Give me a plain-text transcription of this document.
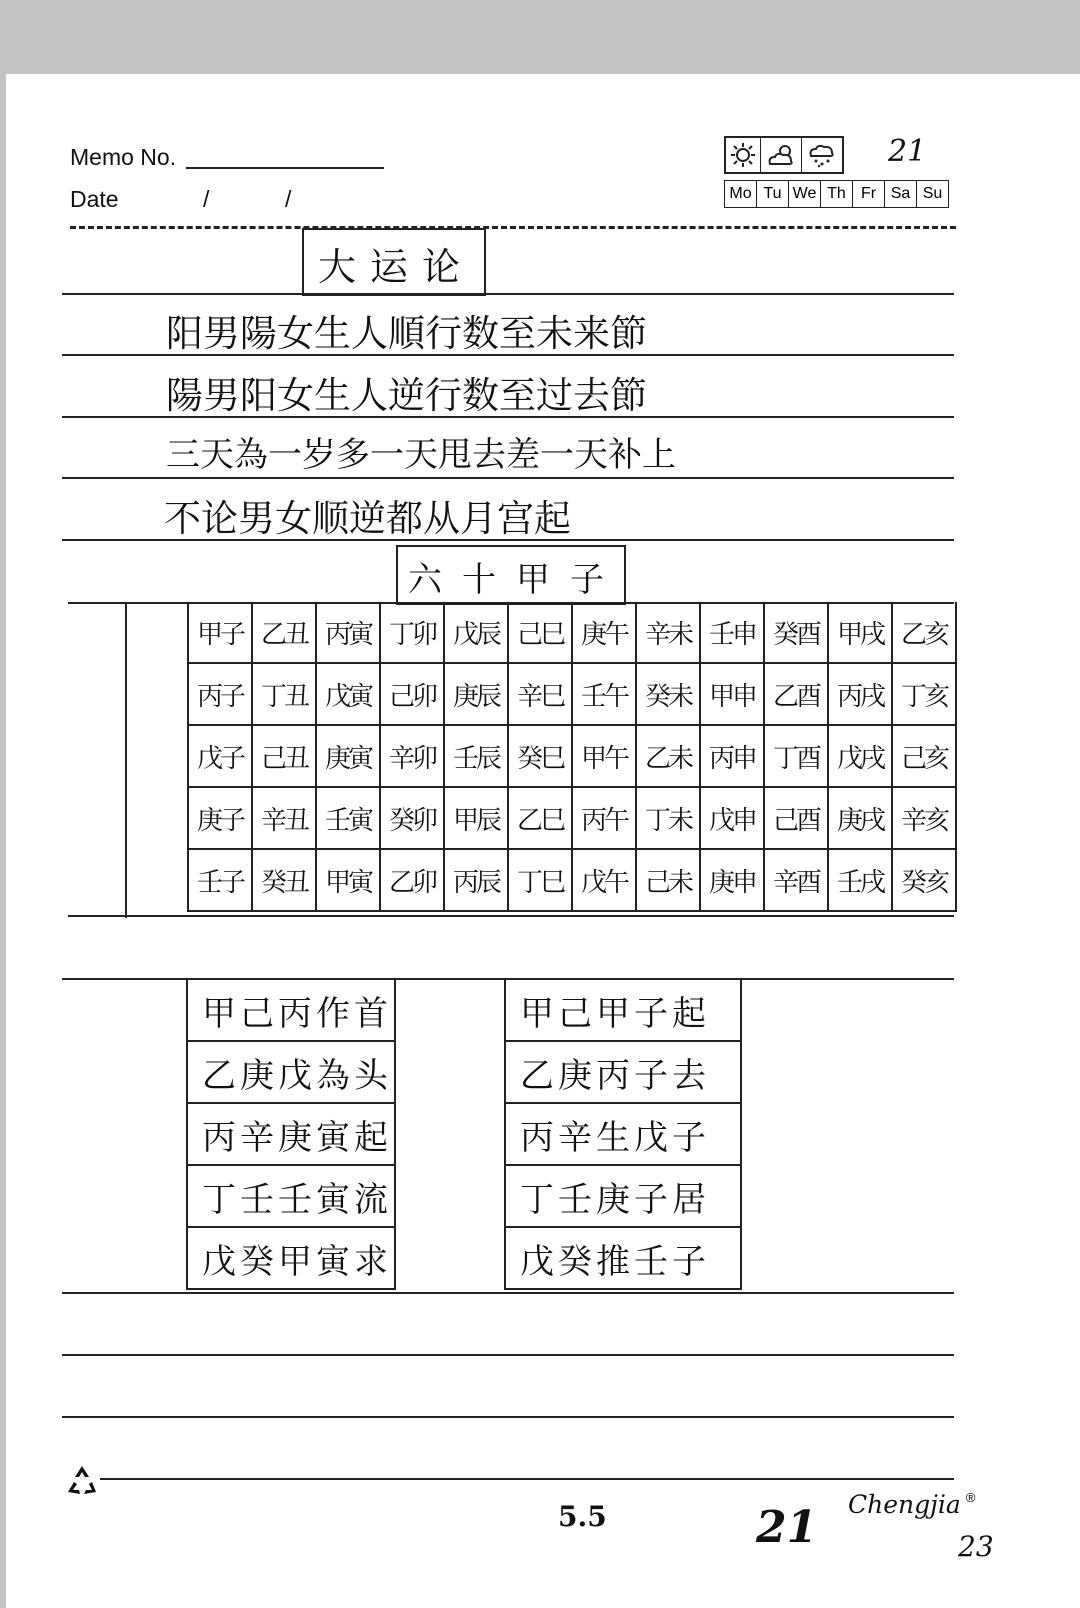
Memo No.
Date	/	/
21
Mo Tu We Th Fr Sa Su
大运论
阳男陽女生人順行数至未来節
陽男阳女生人逆行数至过去節
三天為一岁多一天甩去差一天补上
不论男女顺逆都从月宫起
六十甲子
甲子 乙丑 丙寅 丁卯 戊辰 己巳 庚午 辛未 壬申 癸酉 甲戌 乙亥
丙子 丁丑 戊寅 己卯 庚辰 辛巳 壬午 癸未 甲申 乙酉 丙戌 丁亥
戊子 己丑 庚寅 辛卯 壬辰 癸巳 甲午 乙未 丙申 丁酉 戊戌 己亥
庚子 辛丑 壬寅 癸卯 甲辰 乙巳 丙午 丁未 戊申 己酉 庚戌 辛亥
壬子 癸丑 甲寅 乙卯 丙辰 丁巳 戊午 己未 庚申 辛酉 壬戌 癸亥
甲己丙作首
乙庚戊為头
丙辛庚寅起
丁壬壬寅流
戊癸甲寅求
甲己甲子起
乙庚丙子去
丙辛生戊子
丁壬庚子居
戊癸推壬子
5.5	21 Chengjia ®
23
